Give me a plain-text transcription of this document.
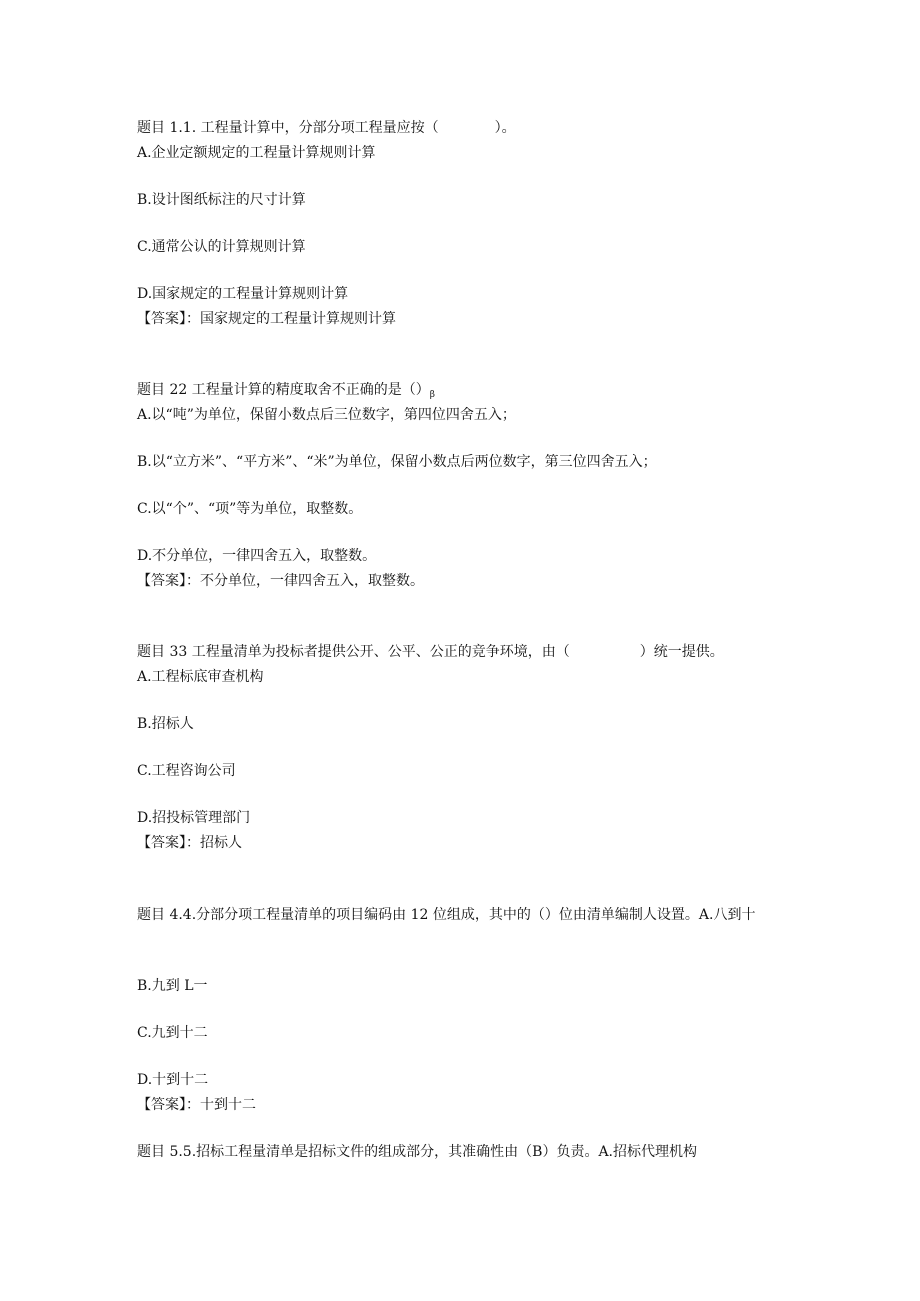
题目 1.1. 工程量计算中，分部分项工程量应按（　　　　）。
A.企业定额规定的工程量计算规则计算
B.设计图纸标注的尺寸计算
C.通常公认的计算规则计算
D.国家规定的工程量计算规则计算
【答案】：国家规定的工程量计算规则计算
题目 22 工程量计算的精度取舍不正确的是$()_\beta$
A.以“吨”为单位，保留小数点后三位数字，第四位四舍五入；
B.以“立方米”、“平方米”、“米”为单位，保留小数点后两位数字，第三位四舍五入；
C.以“个”、“项”等为单位，取整数。
D.不分单位，一律四舍五入，取整数。
【答案】：不分单位，一律四舍五入，取整数。
题目 33 工程量清单为投标者提供公开、公平、公正的竞争环境，由（　　　　　）统一提供。
A.工程标底审查机构
B.招标人
C.工程咨询公司
D.招投标管理部门
【答案】：招标人
题目 4.4.分部分项工程量清单的项目编码由 12 位组成，其中的（）位由清单编制人设置。A.八到十
B.九到 L一
C.九到十二
D.十到十二
【答案】：十到十二
题目 5.5.招标工程量清单是招标文件的组成部分，其准确性由（B）负责。A.招标代理机构
